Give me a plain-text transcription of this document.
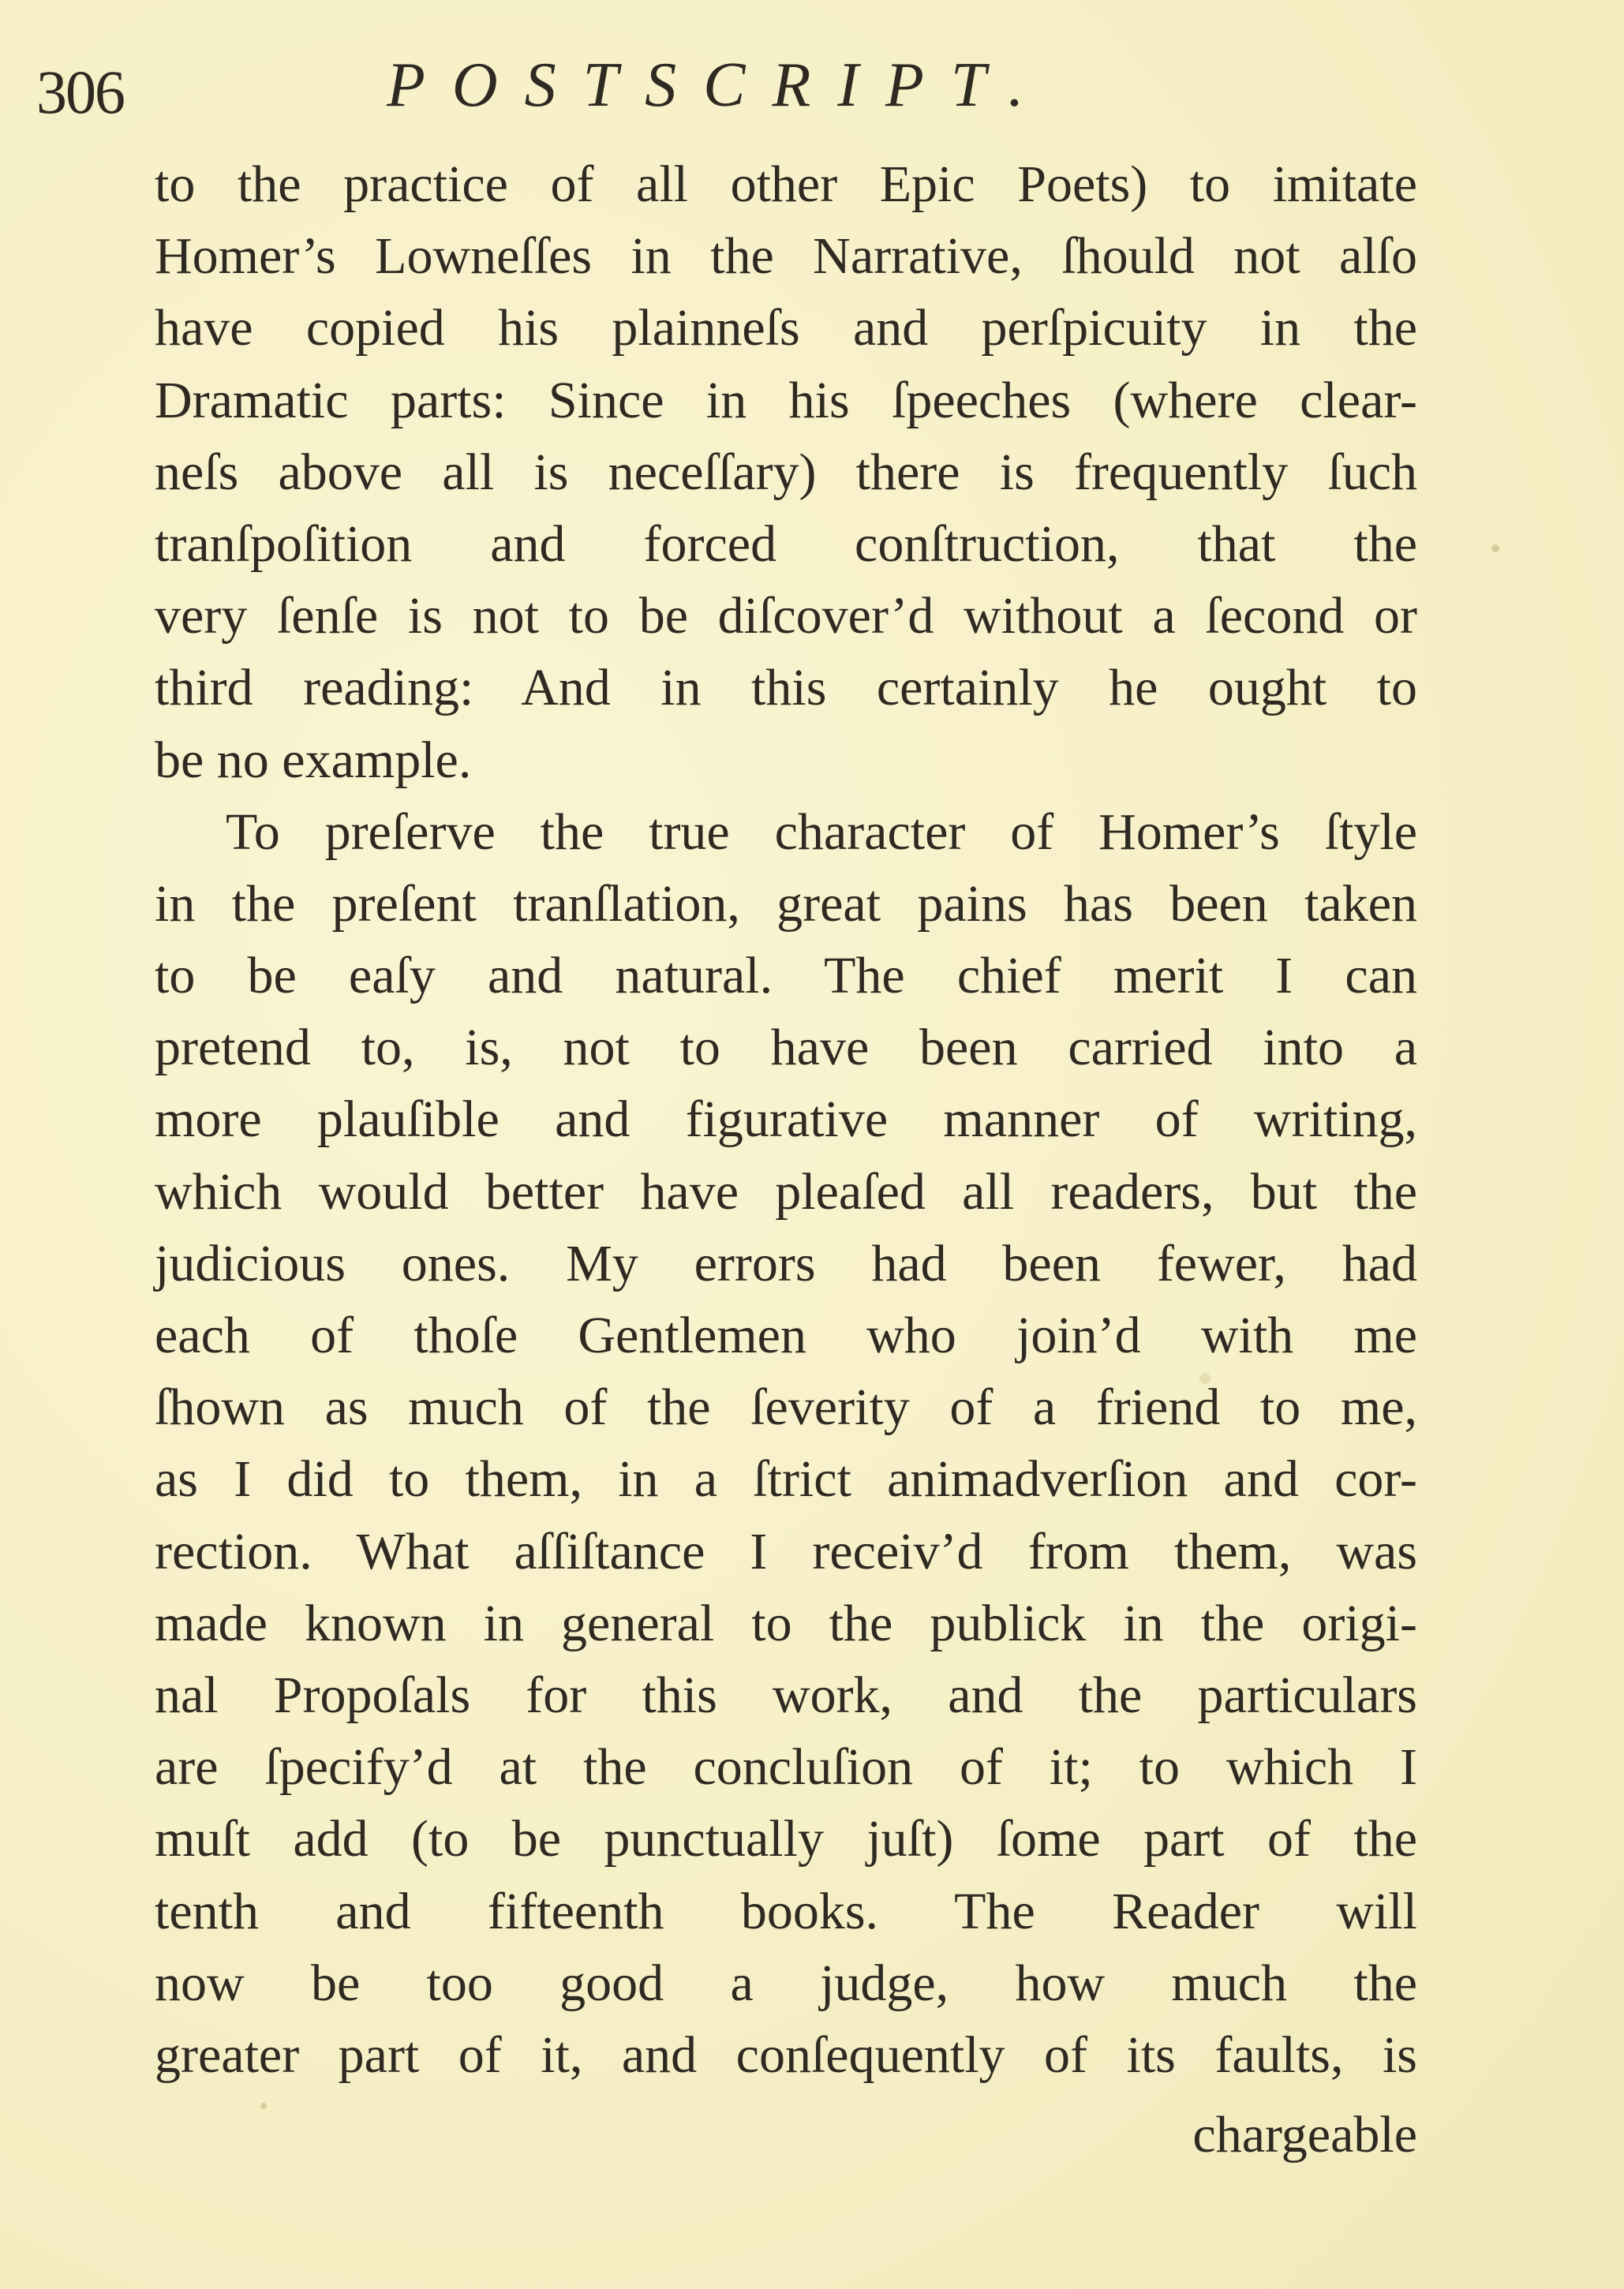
306	POSTSCRIPT.
to the practice of all other Epic Poets) to imitate
Homer’s Lowneſſes in the Narrative, ſhould not alſo
have copied his plainneſs and perſpicuity in the
Dramatic parts: Since in his ſpeeches (where clear-
neſs above all is neceſſary) there is frequently ſuch
tranſpoſition and forced conſtruction, that the
very ſenſe is not to be diſcover’d without a ſecond or
third reading: And in this certainly he ought to
be no example.
To preſerve the true character of Homer’s ſtyle
in the preſent tranſlation, great pains has been taken
to be eaſy and natural. The chief merit I can
pretend to, is, not to have been carried into a
more plauſible and figurative manner of writing,
which would better have pleaſed all readers, but the
judicious ones. My errors had been fewer, had
each of thoſe Gentlemen who join’d with me
ſhown as much of the ſeverity of a friend to me,
as I did to them, in a ſtrict animadverſion and cor-
rection. What aſſiſtance I receiv’d from them, was
made known in general to the publick in the origi-
nal Propoſals for this work, and the particulars
are ſpecify’d at the concluſion of it; to which I
muſt add (to be punctually juſt) ſome part of the
tenth and fifteenth books. The Reader will
now be too good a judge, how much the
greater part of it, and conſequently of its faults, is
chargeable
